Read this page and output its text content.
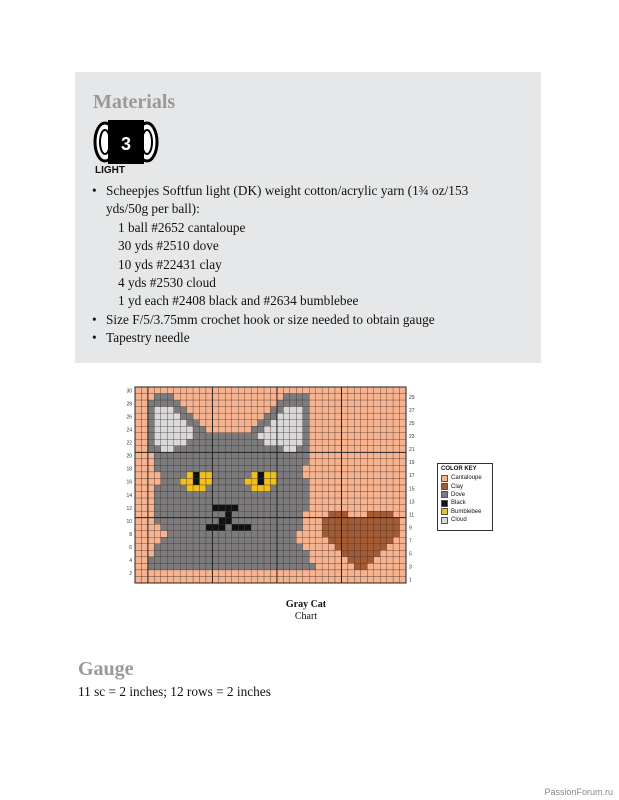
Materials
3
LIGHT
• Scheepjes Softfun light (DK) weight cotton/acrylic yarn (1¾ oz/153
yds/50g per ball):
1 ball #2652 cantaloupe
30 yds #2510 dove
10 yds #22431 clay
4 yds #2530 cloud
1 yd each #2408 black and #2634 bumblebee
• Size F/5/3.75mm crochet hook or size needed to obtain gauge
• Tapestry needle
30
28
26
24
22
20
18
16
14
12
10
8
6
4
2
29
27
25
23
21
19
17
15
13
11
9
7
5
3
1
COLOR KEY
Cantaloupe
Clay
Dove
Black
Bumblebee
Cloud
Gray Cat
Chart
Gauge
11 sc = 2 inches; 12 rows = 2 inches
PassionForum.ru
